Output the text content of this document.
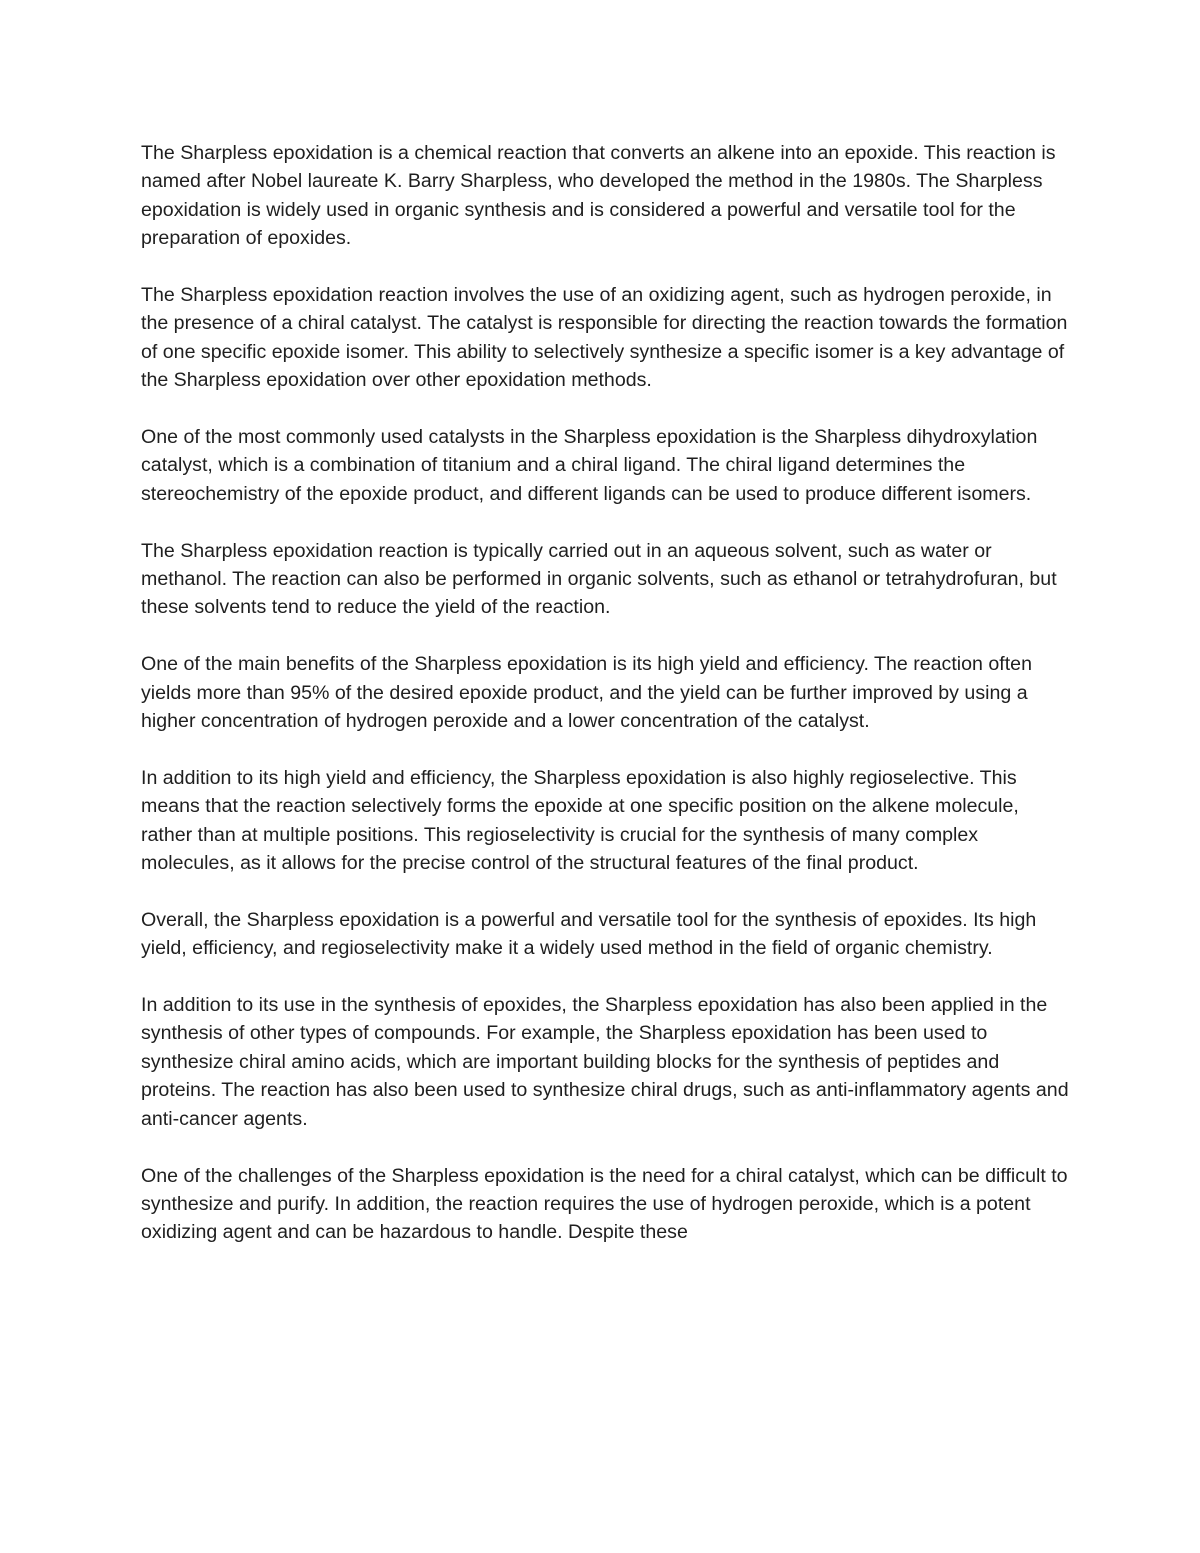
The Sharpless epoxidation is a chemical reaction that converts an alkene into an epoxide. This reaction is named after Nobel laureate K. Barry Sharpless, who developed the method in the 1980s. The Sharpless epoxidation is widely used in organic synthesis and is considered a powerful and versatile tool for the preparation of epoxides.

The Sharpless epoxidation reaction involves the use of an oxidizing agent, such as hydrogen peroxide, in the presence of a chiral catalyst. The catalyst is responsible for directing the reaction towards the formation of one specific epoxide isomer. This ability to selectively synthesize a specific isomer is a key advantage of the Sharpless epoxidation over other epoxidation methods.

One of the most commonly used catalysts in the Sharpless epoxidation is the Sharpless dihydroxylation catalyst, which is a combination of titanium and a chiral ligand. The chiral ligand determines the stereochemistry of the epoxide product, and different ligands can be used to produce different isomers.

The Sharpless epoxidation reaction is typically carried out in an aqueous solvent, such as water or methanol. The reaction can also be performed in organic solvents, such as ethanol or tetrahydrofuran, but these solvents tend to reduce the yield of the reaction.

One of the main benefits of the Sharpless epoxidation is its high yield and efficiency. The reaction often yields more than 95% of the desired epoxide product, and the yield can be further improved by using a higher concentration of hydrogen peroxide and a lower concentration of the catalyst.

In addition to its high yield and efficiency, the Sharpless epoxidation is also highly regioselective. This means that the reaction selectively forms the epoxide at one specific position on the alkene molecule, rather than at multiple positions. This regioselectivity is crucial for the synthesis of many complex molecules, as it allows for the precise control of the structural features of the final product.

Overall, the Sharpless epoxidation is a powerful and versatile tool for the synthesis of epoxides. Its high yield, efficiency, and regioselectivity make it a widely used method in the field of organic chemistry.

In addition to its use in the synthesis of epoxides, the Sharpless epoxidation has also been applied in the synthesis of other types of compounds. For example, the Sharpless epoxidation has been used to synthesize chiral amino acids, which are important building blocks for the synthesis of peptides and proteins. The reaction has also been used to synthesize chiral drugs, such as anti-inflammatory agents and anti-cancer agents.

One of the challenges of the Sharpless epoxidation is the need for a chiral catalyst, which can be difficult to synthesize and purify. In addition, the reaction requires the use of hydrogen peroxide, which is a potent oxidizing agent and can be hazardous to handle. Despite these
